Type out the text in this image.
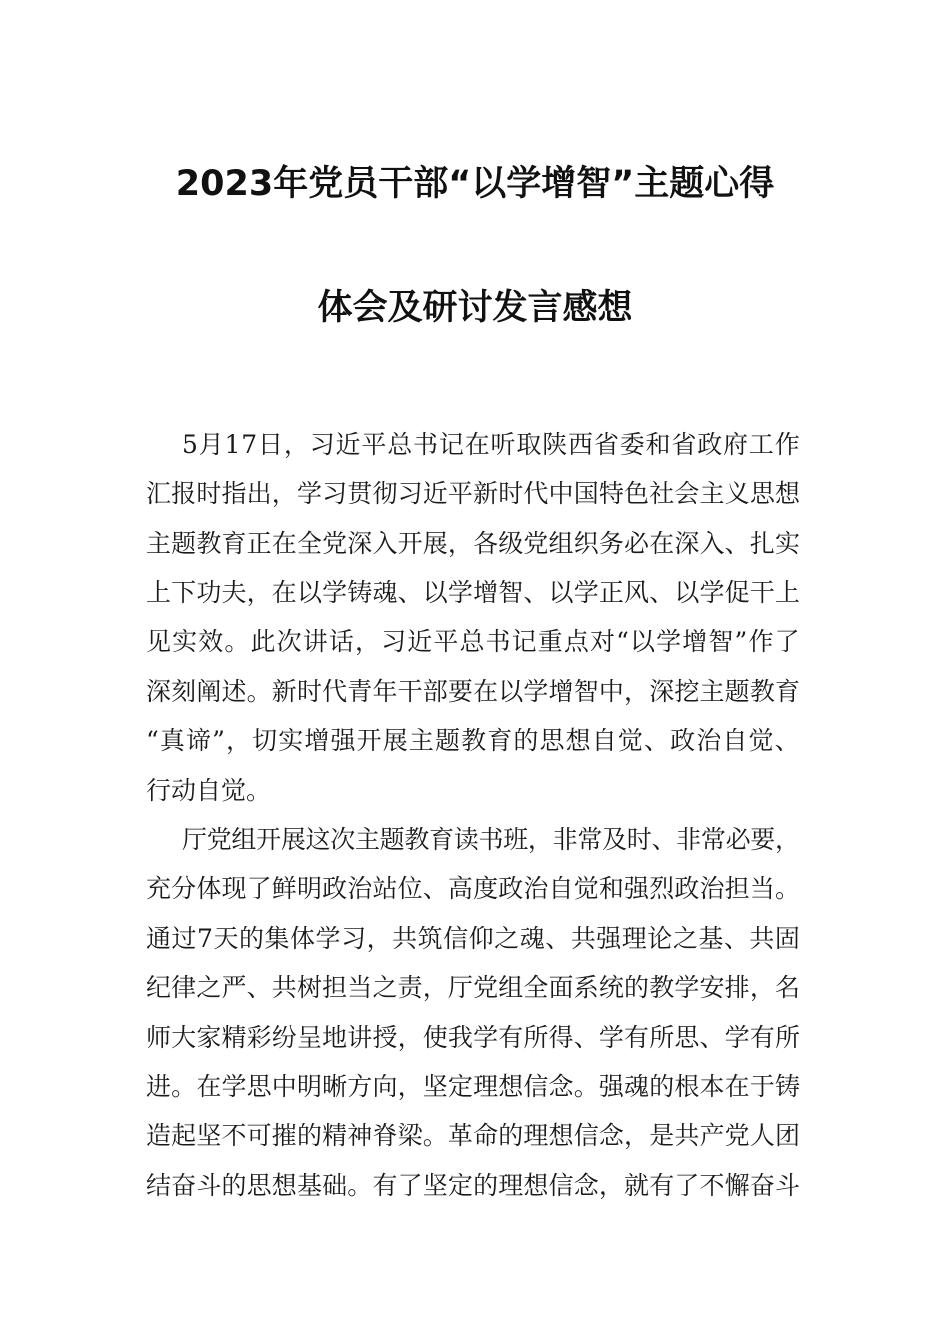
2023年党员干部“以学增智”主题心得
体会及研讨发言感想
5月17日，习近平总书记在听取陕西省委和省政府工作
汇报时指出，学习贯彻习近平新时代中国特色社会主义思想
主题教育正在全党深入开展，各级党组织务必在深入、扎实
上下功夫，在以学铸魂、以学增智、以学正风、以学促干上
见实效。此次讲话，习近平总书记重点对“以学增智”作了
深刻阐述。新时代青年干部要在以学增智中，深挖主题教育
“真谛”，切实增强开展主题教育的思想自觉、政治自觉、
行动自觉。
厅党组开展这次主题教育读书班，非常及时、非常必要，
充分体现了鲜明政治站位、高度政治自觉和强烈政治担当。
通过7天的集体学习，共筑信仰之魂、共强理论之基、共固
纪律之严、共树担当之责，厅党组全面系统的教学安排，名
师大家精彩纷呈地讲授，使我学有所得、学有所思、学有所
进。在学思中明晰方向，坚定理想信念。强魂的根本在于铸
造起坚不可摧的精神脊梁。革命的理想信念，是共产党人团
结奋斗的思想基础。有了坚定的理想信念，就有了不懈奋斗
